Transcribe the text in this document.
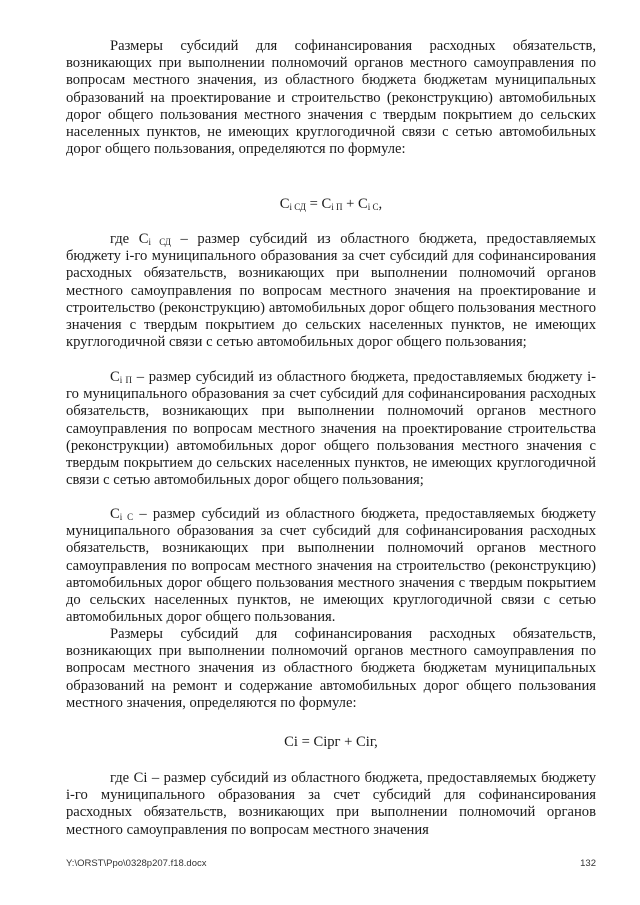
Размеры субсидий для софинансирования расходных обязательств, возникающих при выполнении полномочий органов местного самоуправления по вопросам местного значения, из областного бюджета бюджетам муниципальных образований на проектирование и строительство (реконструкцию) автомобильных дорог общего пользования местного значения с твердым покрытием до сельских населенных пунктов, не имеющих круглогодичной связи с сетью автомобильных дорог общего пользования, определяются по формуле:

$C_{i СД} = C_{i П} + C_{i С}$,

где $C_{i СД}$ – размер субсидий из областного бюджета, предоставляемых бюджету i-го муниципального образования за счет субсидий для софинансирования расходных обязательств, возникающих при выполнении полномочий органов местного самоуправления по вопросам местного значения на проектирование и строительство (реконструкцию) автомобильных дорог общего пользования местного значения с твердым покрытием до сельских населенных пунктов, не имеющих круглогодичной связи с сетью автомобильных дорог общего пользования;

$C_{i П}$ – размер субсидий из областного бюджета, предоставляемых бюджету i-го муниципального образования за счет субсидий для софинансирования расходных обязательств, возникающих при выполнении полномочий органов местного самоуправления по вопросам местного значения на проектирование строительства (реконструкции) автомобильных дорог общего пользования местного значения с твердым покрытием до сельских населенных пунктов, не имеющих круглогодичной связи с сетью автомобильных дорог общего пользования;

$C_{i С}$ – размер субсидий из областного бюджета, предоставляемых бюджету муниципального образования за счет субсидий для софинансирования расходных обязательств, возникающих при выполнении полномочий органов местного самоуправления по вопросам местного значения на строительство (реконструкцию) автомобильных дорог общего пользования местного значения с твердым покрытием до сельских населенных пунктов, не имеющих круглогодичной связи с сетью автомобильных дорог общего пользования.

Размеры субсидий для софинансирования расходных обязательств, возникающих при выполнении полномочий органов местного самоуправления по вопросам местного значения из областного бюджета бюджетам муниципальных образований на ремонт и содержание автомобильных дорог общего пользования местного значения, определяются по формуле:

Ci = Ciрг + Ciг,

где Ci – размер субсидий из областного бюджета, предоставляемых бюджету i-го муниципального образования за счет субсидий для софинансирования расходных обязательств, возникающих при выполнении полномочий органов местного самоуправления по вопросам местного значения

Y:\ORST\Ppo\0328p207.f18.docx	132
